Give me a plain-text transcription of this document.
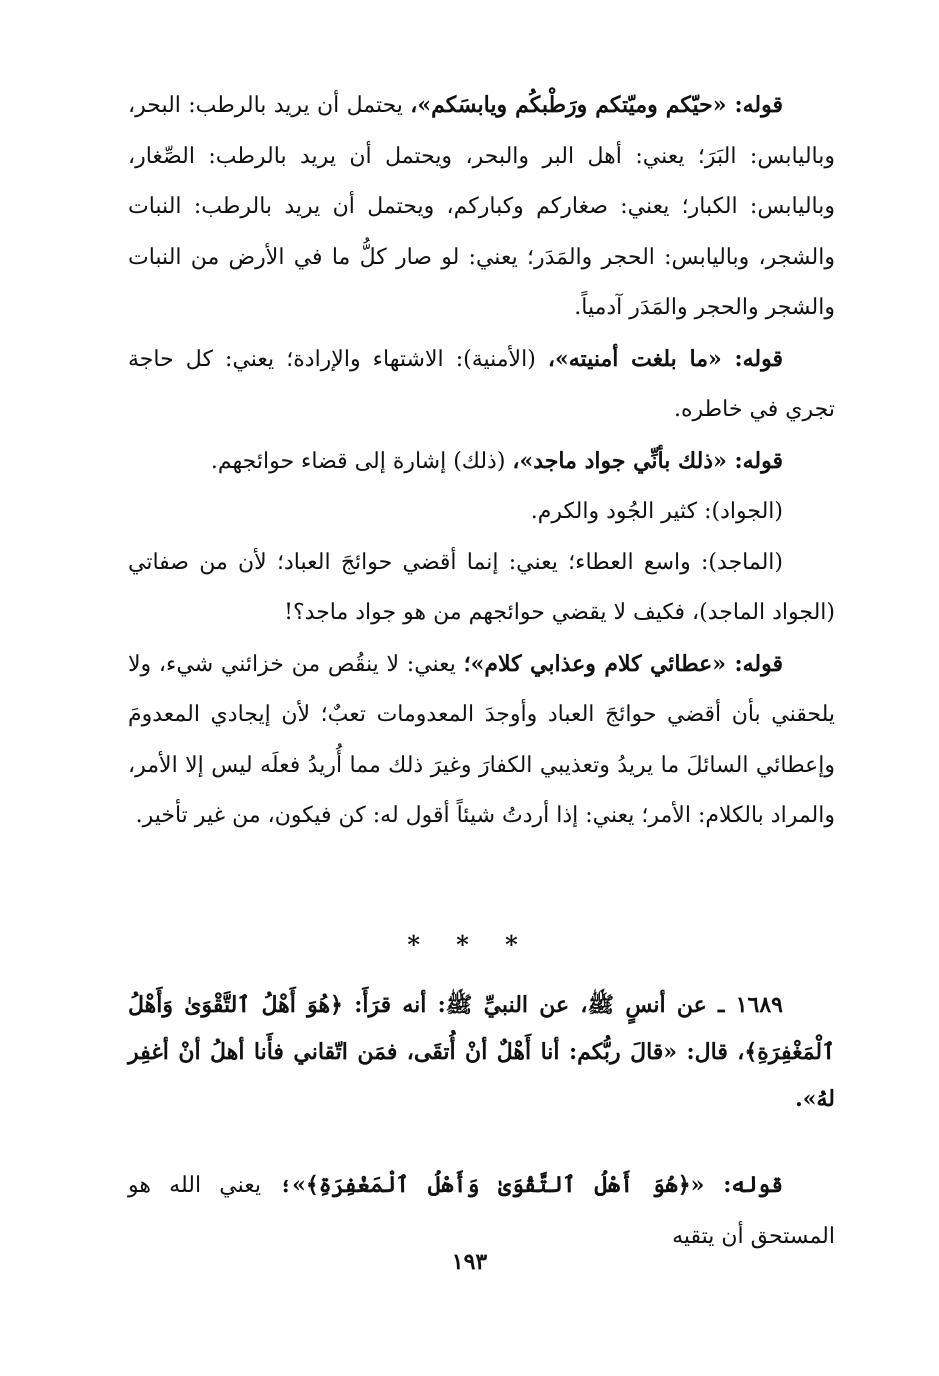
قوله: «حيّكم وميّتكم ورَطْبكُم ويابسَكم»، يحتمل أن يريد بالرطب: البحر، وباليابس: البَرَ؛ يعني: أهل البر والبحر، ويحتمل أن يريد بالرطب: الصِّغار، وباليابس: الكبار؛ يعني: صغاركم وكباركم، ويحتمل أن يريد بالرطب: النبات والشجر، وباليابس: الحجر والمَدَر؛ يعني: لو صار كلُّ ما في الأرض من النبات والشجر والحجر والمَدَر آدمياً.

قوله: «ما بلغت أمنيته»، (الأمنية): الاشتهاء والإرادة؛ يعني: كل حاجة تجري في خاطره.

قوله: «ذلك بأنِّي جواد ماجد»، (ذلك) إشارة إلى قضاء حوائجهم.

(الجواد): كثير الجُود والكرم.

(الماجد): واسع العطاء؛ يعني: إنما أقضي حوائجَ العباد؛ لأن من صفاتي (الجواد الماجد)، فكيف لا يقضي حوائجهم من هو جواد ماجد؟!

قوله: «عطائي كلام وعذابي كلام»؛ يعني: لا ينقُص من خزائني شيء، ولا يلحقني بأن أقضي حوائجَ العباد وأوجدَ المعدومات تعبٌ؛ لأن إيجادي المعدومَ وإعطائي السائلَ ما يريدُ وتعذيبي الكفارَ وغيرَ ذلك مما أُريدُ فعلَه ليس إلا الأمر، والمراد بالكلام: الأمر؛ يعني: إذا أردتُ شيئاً أقول له: كن فيكون، من غير تأخير.

* * *

١٦٨٩ ـ عن أنسٍ ﷺ، عن النبيِّ ﷺ: أنه قرَأَ: ﴿هُوَ أَهْلُ ٱلتَّقْوَىٰ وَأَهْلُ ٱلْمَغْفِرَةِ﴾، قال: «قالَ ربُّكم: أنا أَهْلٌ أنْ أُتقَى، فمَن اتّقاني فأَنا أهلُ أنْ أغفِر لهُ».

قوله: «﴿هُوَ أَهْلُ ٱلتَّقْوَىٰ وَأَهْلُ ٱلْمَغْفِرَةِ﴾»؛ يعني الله هو المستحق أن يتقيه

١٩٣
